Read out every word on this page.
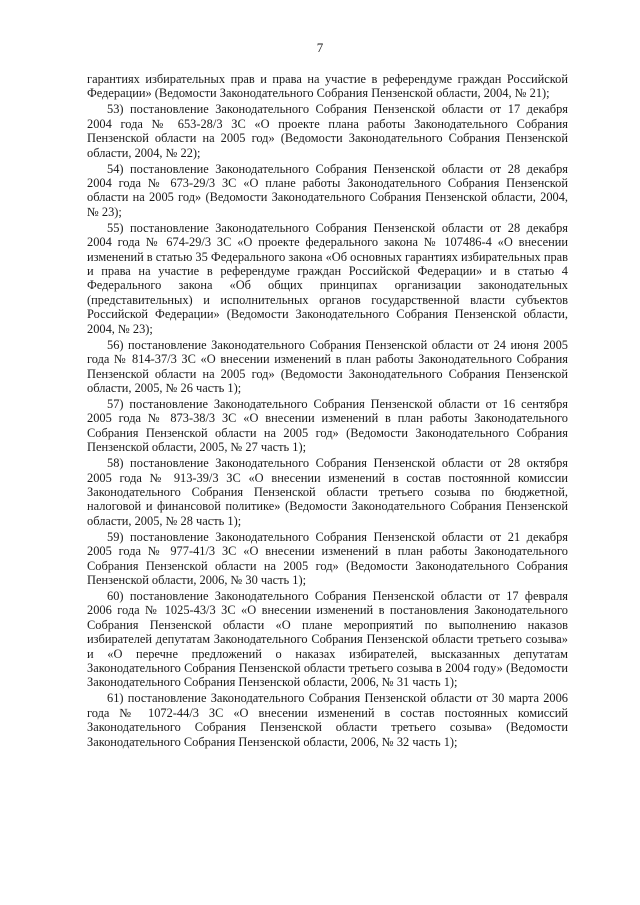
7

гарантиях избирательных прав и права на участие в референдуме граждан Российской Федерации» (Ведомости Законодательного Собрания Пензенской области, 2004, № 21);

53) постановление Законодательного Собрания Пензенской области от 17 декабря 2004 года № 653-28/3 ЗС «О проекте плана работы Законодательного Собрания Пензенской области на 2005 год» (Ведомости Законодательного Собрания Пензенской области, 2004, № 22);

54) постановление Законодательного Собрания Пензенской области от 28 декабря 2004 года № 673-29/3 ЗС «О плане работы Законодательного Собрания Пензенской области на 2005 год» (Ведомости Законодательного Собрания Пензенской области, 2004, № 23);

55) постановление Законодательного Собрания Пензенской области от 28 декабря 2004 года № 674-29/3 ЗС «О проекте федерального закона № 107486-4 «О внесении изменений в статью 35 Федерального закона «Об основных гарантиях избирательных прав и права на участие в референдуме граждан Российской Федерации» и в статью 4 Федерального закона «Об общих принципах организации законодательных (представительных) и исполнительных органов государственной власти субъектов Российской Федерации» (Ведомости Законодательного Собрания Пензенской области, 2004, № 23);

56) постановление Законодательного Собрания Пензенской области от 24 июня 2005 года № 814-37/3 ЗС «О внесении изменений в план работы Законодательного Собрания Пензенской области на 2005 год» (Ведомости Законодательного Собрания Пензенской области, 2005, № 26 часть 1);

57) постановление Законодательного Собрания Пензенской области от 16 сентября 2005 года № 873-38/3 ЗС «О внесении изменений в план работы Законодательного Собрания Пензенской области на 2005 год» (Ведомости Законодательного Собрания Пензенской области, 2005, № 27 часть 1);

58) постановление Законодательного Собрания Пензенской области от 28 октября 2005 года № 913-39/3 ЗС «О внесении изменений в состав постоянной комиссии Законодательного Собрания Пензенской области третьего созыва по бюджетной, налоговой и финансовой политике» (Ведомости Законодательного Собрания Пензенской области, 2005, № 28 часть 1);

59) постановление Законодательного Собрания Пензенской области от 21 декабря 2005 года № 977-41/3 ЗС «О внесении изменений в план работы Законодательного Собрания Пензенской области на 2005 год» (Ведомости Законодательного Собрания Пензенской области, 2006, № 30 часть 1);

60) постановление Законодательного Собрания Пензенской области от 17 февраля 2006 года № 1025-43/3 ЗС «О внесении изменений в постановления Законодательного Собрания Пензенской области «О плане мероприятий по выполнению наказов избирателей депутатам Законодательного Собрания Пензенской области третьего созыва» и «О перечне предложений о наказах избирателей, высказанных депутатам Законодательного Собрания Пензенской области третьего созыва в 2004 году» (Ведомости Законодательного Собрания Пензенской области, 2006, № 31 часть 1);

61) постановление Законодательного Собрания Пензенской области от 30 марта 2006 года № 1072-44/3 ЗС «О внесении изменений в состав постоянных комиссий Законодательного Собрания Пензенской области третьего созыва» (Ведомости Законодательного Собрания Пензенской области, 2006, № 32 часть 1);
